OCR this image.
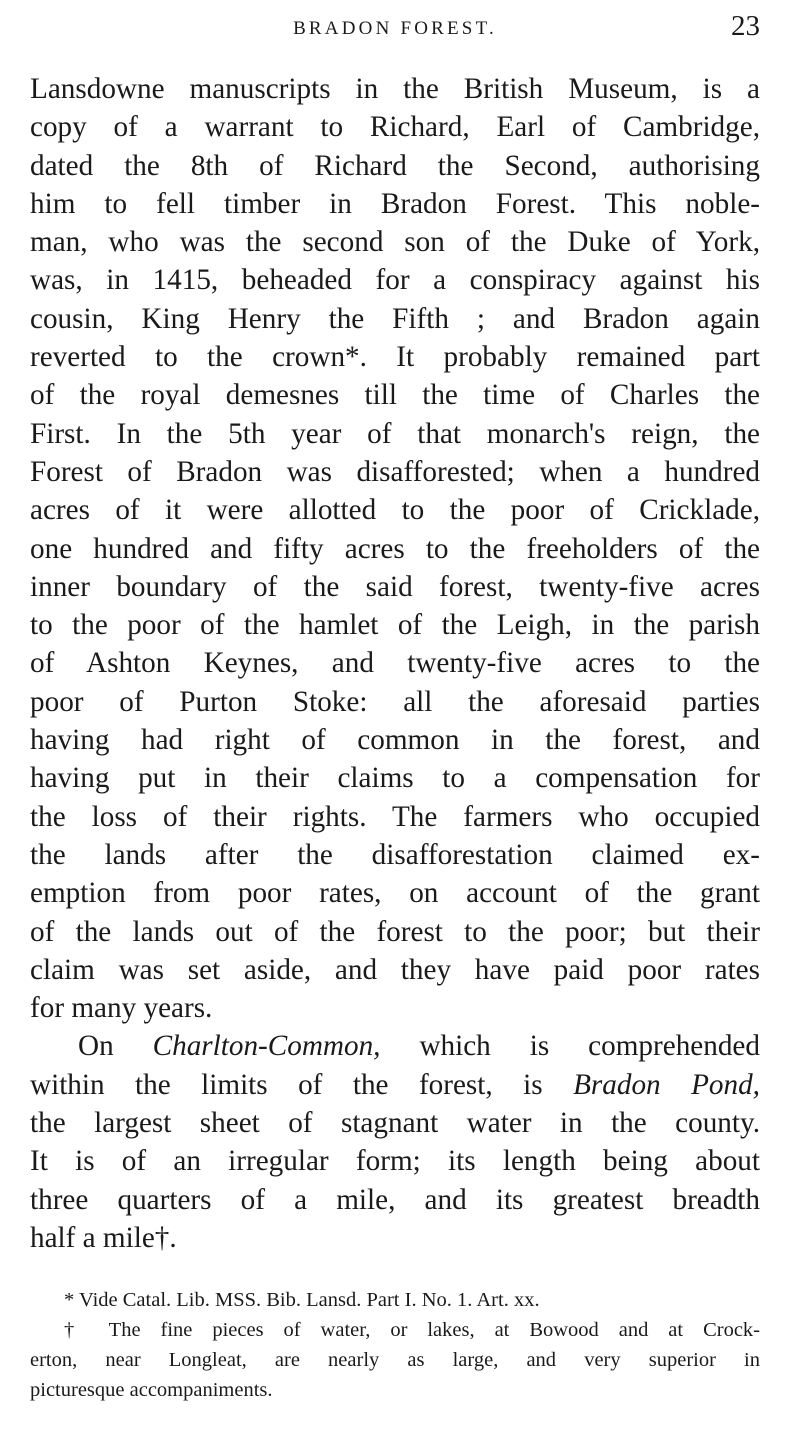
BRADON FOREST.	23
Lansdowne manuscripts in the British Museum, is a
copy of a warrant to Richard, Earl of Cambridge,
dated the 8th of Richard the Second, authorising
him to fell timber in Bradon Forest. This noble-
man, who was the second son of the Duke of York,
was, in 1415, beheaded for a conspiracy against his
cousin, King Henry the Fifth ; and Bradon again
reverted to the crown*. It probably remained part
of the royal demesnes till the time of Charles the
First. In the 5th year of that monarch's reign, the
Forest of Bradon was disafforested; when a hundred
acres of it were allotted to the poor of Cricklade,
one hundred and fifty acres to the freeholders of the
inner boundary of the said forest, twenty-five acres
to the poor of the hamlet of the Leigh, in the parish
of Ashton Keynes, and twenty-five acres to the
poor of Purton Stoke: all the aforesaid parties
having had right of common in the forest, and
having put in their claims to a compensation for
the loss of their rights. The farmers who occupied
the lands after the disafforestation claimed ex-
emption from poor rates, on account of the grant
of the lands out of the forest to the poor; but their
claim was set aside, and they have paid poor rates
for many years.
On Charlton-Common, which is comprehended
within the limits of the forest, is Bradon Pond,
the largest sheet of stagnant water in the county.
It is of an irregular form; its length being about
three quarters of a mile, and its greatest breadth
half a mile†.
* Vide Catal. Lib. MSS. Bib. Lansd. Part I. No. 1. Art. xx.
† The fine pieces of water, or lakes, at Bowood and at Crock-
erton, near Longleat, are nearly as large, and very superior in
picturesque accompaniments.
